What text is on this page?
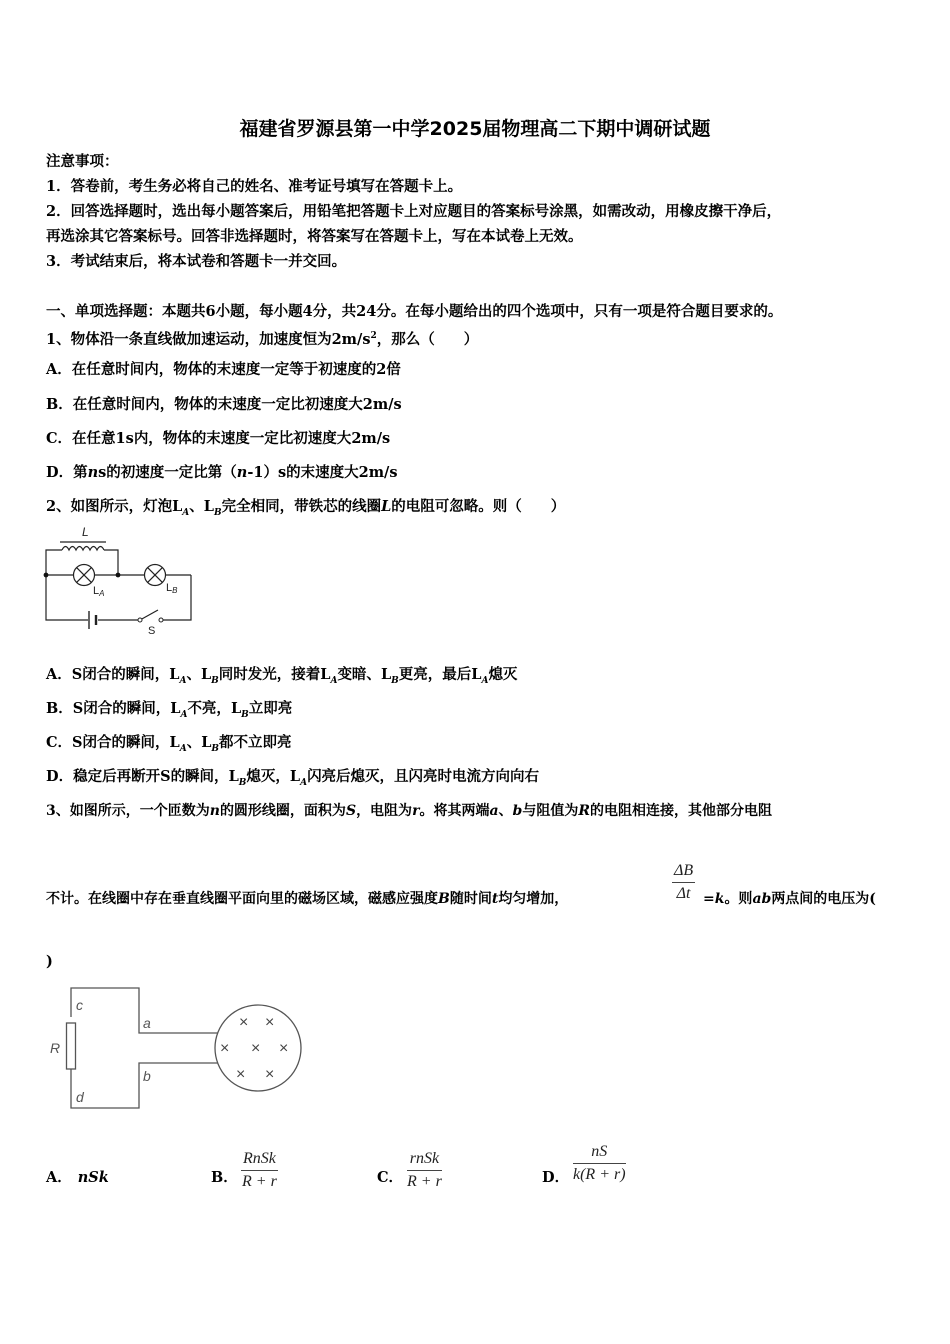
福建省罗源县第一中学2025届物理高二下期中调研试题
注意事项：
1．答卷前，考生务必将自己的姓名、准考证号填写在答题卡上。
2．回答选择题时，选出每小题答案后，用铅笔把答题卡上对应题目的答案标号涂黑，如需改动，用橡皮擦干净后，
再选涂其它答案标号。回答非选择题时，将答案写在答题卡上，写在本试卷上无效。
3．考试结束后，将本试卷和答题卡一并交回。
一、单项选择题：本题共6小题，每小题4分，共24分。在每小题给出的四个选项中，只有一项是符合题目要求的。
1、物体沿一条直线做加速运动，加速度恒为$2m/s^2$，那么（　　）
A．在任意时间内，物体的末速度一定等于初速度的2倍
B．在任意时间内，物体的末速度一定比初速度大2m/s
C．在任意1s内，物体的末速度一定比初速度大2m/s
D．第ns的初速度一定比第（n-1）s的末速度大2m/s
2、如图所示，灯泡$L_A$、$L_B$完全相同，带铁芯的线圈L的电阻可忽略。则（　　）
L
LA	LB
S
A．S闭合的瞬间，$L_A$、$L_B$同时发光，接着$L_A$变暗、$L_B$更亮，最后$L_A$熄灭
B．S闭合的瞬间，$L_A$不亮，$L_B$立即亮
C．S闭合的瞬间，$L_A$、$L_B$都不立即亮
D．稳定后再断开S的瞬间，$L_B$熄灭，$L_A$闪亮后熄灭，且闪亮时电流方向向右
3、如图所示，一个匝数为n的圆形线圈，面积为S，电阻为r。将其两端a、b与阻值为R的电阻相连接，其他部分电阻
不计。在线圈中存在垂直线圈平面向里的磁场区域，磁感应强度B随时间t均匀增加，	$\frac{\Delta B}{\Delta t} =k$。则ab两点间的电压为(
)
R
c
d
a
b
× ×
× × ×
× ×
A． nSk	B．
RnSk
R + r	C．
rnSk
R + r	D． $\frac{nS}{k(R + r)}$
